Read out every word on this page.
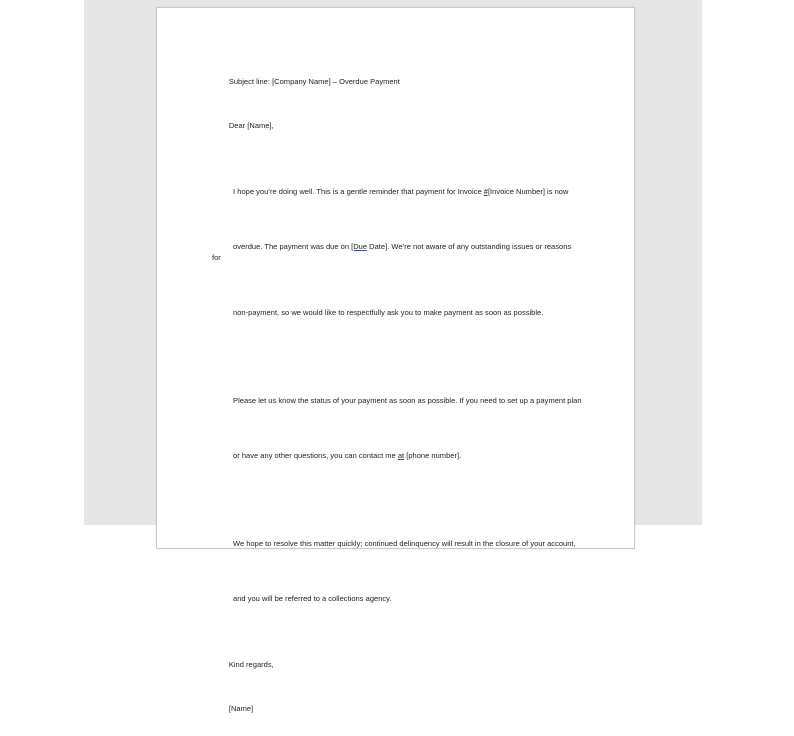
Subject line: [Company Name] – Overdue Payment

Dear [Name],

I hope you’re doing well. This is a gentle reminder that payment for Invoice #[Invoice Number] is now

overdue. The payment was due on [Due Date]. We’re not aware of any outstanding issues or reasons for

non-payment, so we would like to respectfully ask you to make payment as soon as possible.

Please let us know the status of your payment as soon as possible. If you need to set up a payment plan

or have any other questions, you can contact me at [phone number].

We hope to resolve this matter quickly; continued delinquency will result in the closure of your account,

and you will be referred to a collections agency.

Kind regards,

[Name]
